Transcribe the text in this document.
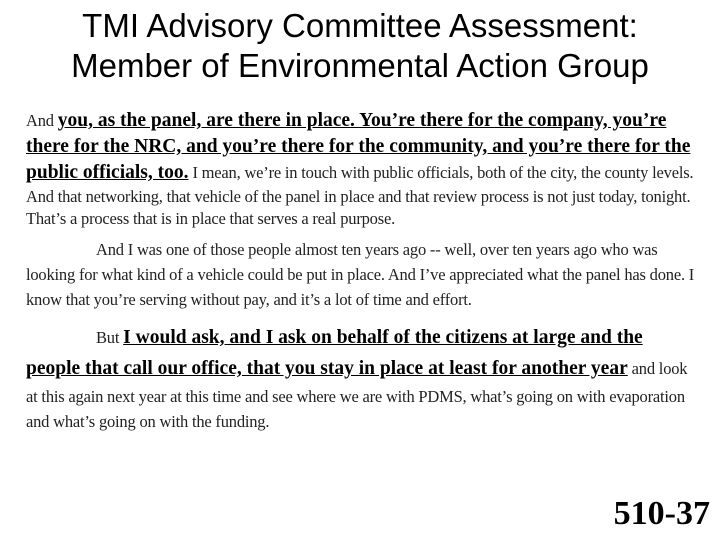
TMI Advisory Committee Assessment:
Member of Environmental Action Group

And you, as the panel, are there in place. You’re there for the company, you’re there for the NRC, and you’re there for the community, and you’re there for the public officials, too. I mean, we’re in touch with public officials, both of the city, the county levels. And that networking, that vehicle of the panel in place and that review process is not just today, tonight. That’s a process that is in place that serves a real purpose.

And I was one of those people almost ten years ago -- well, over ten years ago who was looking for what kind of a vehicle could be put in place. And I’ve appreciated what the panel has done. I know that you’re serving without pay, and it’s a lot of time and effort.

But I would ask, and I ask on behalf of the citizens at large and the people that call our office, that you stay in place at least for another year and look at this again next year at this time and see where we are with PDMS, what’s going on with evaporation and what’s going on with the funding.

510-37
